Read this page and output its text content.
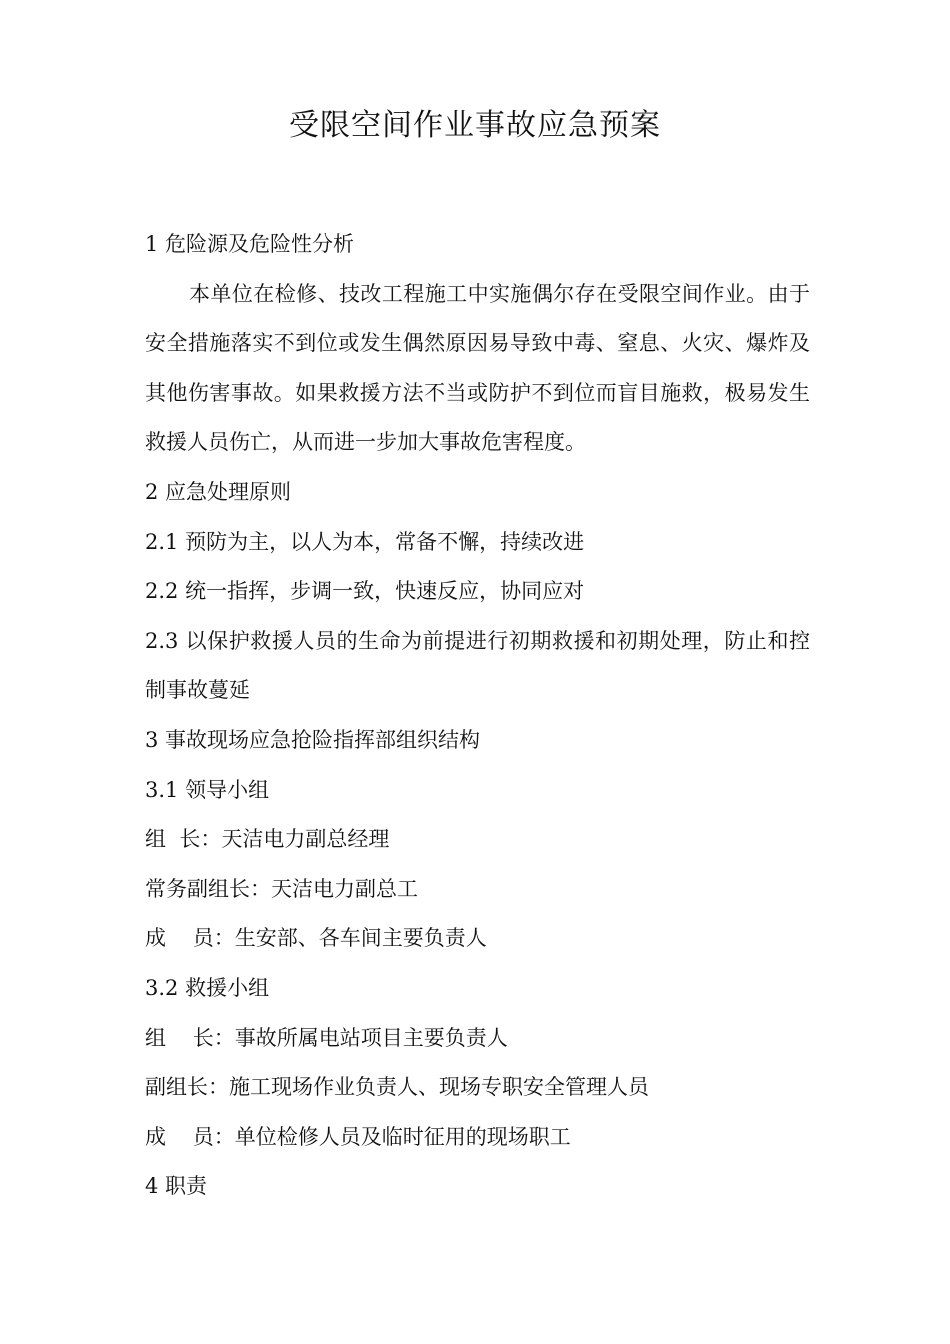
受限空间作业事故应急预案

1 危险源及危险性分析

本单位在检修、技改工程施工中实施偶尔存在受限空间作业。由于安全措施落实不到位或发生偶然原因易导致中毒、窒息、火灾、爆炸及其他伤害事故。如果救援方法不当或防护不到位而盲目施救，极易发生救援人员伤亡，从而进一步加大事故危害程度。

2 应急处理原则

2.1 预防为主，以人为本，常备不懈，持续改进

2.2 统一指挥，步调一致，快速反应，协同应对

2.3 以保护救援人员的生命为前提进行初期救援和初期处理，防止和控制事故蔓延

3 事故现场应急抢险指挥部组织结构

3.1 领导小组

组  长：天洁电力副总经理

常务副组长：天洁电力副总工

成    员：生安部、各车间主要负责人

3.2 救援小组

组    长：事故所属电站项目主要负责人

副组长：施工现场作业负责人、现场专职安全管理人员

成    员：单位检修人员及临时征用的现场职工

4 职责
